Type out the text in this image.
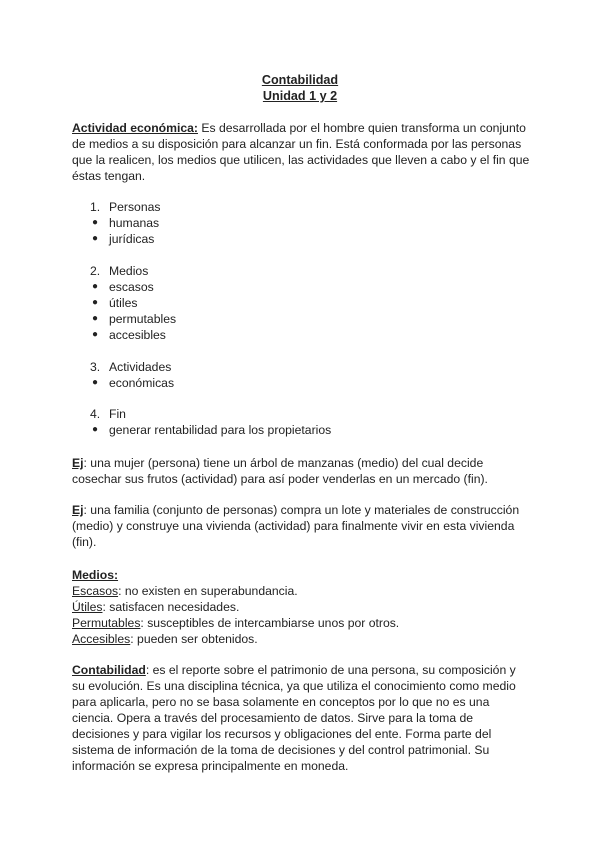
Contabilidad
Unidad 1 y 2

Actividad económica: Es desarrollada por el hombre quien transforma un conjunto
de medios a su disposición para alcanzar un fin. Está conformada por las personas
que la realicen, los medios que utilicen, las actividades que lleven a cabo y el fin que
éstas tengan.

1. Personas
● humanas
● jurídicas
2. Medios
● escasos
● útiles
● permutables
● accesibles
3. Actividades
● económicas
4. Fin
● generar rentabilidad para los propietarios

Ej: una mujer (persona) tiene un árbol de manzanas (medio) del cual decide
cosechar sus frutos (actividad) para así poder venderlas en un mercado (fin).

Ej: una familia (conjunto de personas) compra un lote y materiales de construcción
(medio) y construye una vivienda (actividad) para finalmente vivir en esta vivienda
(fin).

Medios:
Escasos: no existen en superabundancia.
Útiles: satisfacen necesidades.
Permutables: susceptibles de intercambiarse unos por otros.
Accesibles: pueden ser obtenidos.

Contabilidad: es el reporte sobre el patrimonio de una persona, su composición y
su evolución. Es una disciplina técnica, ya que utiliza el conocimiento como medio
para aplicarla, pero no se basa solamente en conceptos por lo que no es una
ciencia. Opera a través del procesamiento de datos. Sirve para la toma de
decisiones y para vigilar los recursos y obligaciones del ente. Forma parte del
sistema de información de la toma de decisiones y del control patrimonial. Su
información se expresa principalmente en moneda.
